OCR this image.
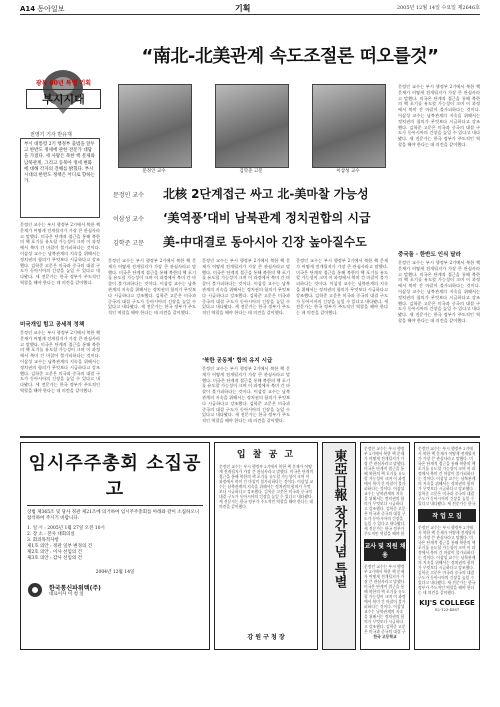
A14 동아일보	기획	2005년 12월 14일 수요일 제2646호
광복 60년 특별 기획
부시시대
전영기 기자 반유재
“南北-北美관계 속도조절론 떠오를것”
부시 대통령 2기 행정부 출범을 앞두고 한반도 정세에 관한 전문가 대담을 가졌다. 세 사람은 북한 핵 문제와 남북관계, 그리고 동북아 정세 변화에 대해 각자의 견해를 밝혔다. 부시 시대의 한반도 정책은 어디로 향하는가.
문정인 교수	김학준 고문	이삼성 교수
문정인 교수 北核 2단계접근 싸고 北-美마찰 가능성
이삼성 교수 ‘美역풍’대비 남북관계 정치권합의 시급
김학준 고문 美-中대결로 동아시아 긴장 높아질수도
문정인 교수는 부시 행정부 2기에서 북한 핵 문제가 어떻게 전개될지가 가장 큰 관심사라고 말했다. 미국은 단계적 접근을 통해 북한의 핵 포기를 유도할 가능성이 크며 이 과정에서 북미 간 마찰이 불가피하다는 것이다. 이삼성 교수는 남북관계의 지속을 위해서는 정치권의 합의가 무엇보다 시급하다고 강조했다. 김학준 고문은 미국과 중국의 대결 구도가 동아시아의 긴장을 높일 수 있다고 내다봤다. 세 전문가는 한국 정부가 주도적인 역할을 해야 한다는 데 의견을 같이했다.
문정인 교수는 부시 행정부 2기에서 북한 핵 문제가 어떻게 전개될지가 가장 큰 관심사라고 말했다. 미국은 단계적 접근을 통해 북한의 핵 포기를 유도할 가능성이 크며 이 과정에서 북미 간 마찰이 불가피하다는 것이다. 이삼성 교수는 남북관계의 지속을 위해서는 정치권의 합의가 무엇보다 시급하다고 강조했다. 김학준 고문은 미국과 중국의 대결 구도가 동아시아의 긴장을 높일 수 있다고 내다봤다. 세 전문가는 한국 정부가 주도적인 역할을 해야 한다는 데 의견을 같이했다.
미국개입 힘고 공세적 정책
문정인 교수는 부시 행정부 2기에서 북한 핵 문제가 어떻게 전개될지가 가장 큰 관심사라고 말했다. 미국은 단계적 접근을 통해 북한의 핵 포기를 유도할 가능성이 크며 이 과정에서 북미 간 마찰이 불가피하다는 것이다. 이삼성 교수는 남북관계의 지속을 위해서는 정치권의 합의가 무엇보다 시급하다고 강조했다. 김학준 고문은 미국과 중국의 대결 구도가 동아시아의 긴장을 높일 수 있다고 내다봤다. 세 전문가는 한국 정부가 주도적인 역할을 해야 한다는 데 의견을 같이했다.
문정인 교수는 부시 행정부 2기에서 북한 핵 문제가 어떻게 전개될지가 가장 큰 관심사라고 말했다. 미국은 단계적 접근을 통해 북한의 핵 포기를 유도할 가능성이 크며 이 과정에서 북미 간 마찰이 불가피하다는 것이다. 이삼성 교수는 남북관계의 지속을 위해서는 정치권의 합의가 무엇보다 시급하다고 강조했다. 김학준 고문은 미국과 중국의 대결 구도가 동아시아의 긴장을 높일 수 있다고 내다봤다. 세 전문가는 한국 정부가 주도적인 역할을 해야 한다는 데 의견을 같이했다.
문정인 교수는 부시 행정부 2기에서 북한 핵 문제가 어떻게 전개될지가 가장 큰 관심사라고 말했다. 미국은 단계적 접근을 통해 북한의 핵 포기를 유도할 가능성이 크며 이 과정에서 북미 간 마찰이 불가피하다는 것이다. 이삼성 교수는 남북관계의 지속을 위해서는 정치권의 합의가 무엇보다 시급하다고 강조했다. 김학준 고문은 미국과 중국의 대결 구도가 동아시아의 긴장을 높일 수 있다고 내다봤다. 세 전문가는 한국 정부가 주도적인 역할을 해야 한다는 데 의견을 같이했다.
‘북한 공동체’ 합의 유지 시급
문정인 교수는 부시 행정부 2기에서 북한 핵 문제가 어떻게 전개될지가 가장 큰 관심사라고 말했다. 미국은 단계적 접근을 통해 북한의 핵 포기를 유도할 가능성이 크며 이 과정에서 북미 간 마찰이 불가피하다는 것이다. 이삼성 교수는 남북관계의 지속을 위해서는 정치권의 합의가 무엇보다 시급하다고 강조했다. 김학준 고문은 미국과 중국의 대결 구도가 동아시아의 긴장을 높일 수 있다고 내다봤다. 세 전문가는 한국 정부가 주도적인 역할을 해야 한다는 데 의견을 같이했다.
문정인 교수는 부시 행정부 2기에서 북한 핵 문제가 어떻게 전개될지가 가장 큰 관심사라고 말했다. 미국은 단계적 접근을 통해 북한의 핵 포기를 유도할 가능성이 크며 이 과정에서 북미 간 마찰이 불가피하다는 것이다. 이삼성 교수는 남북관계의 지속을 위해서는 정치권의 합의가 무엇보다 시급하다고 강조했다. 김학준 고문은 미국과 중국의 대결 구도가 동아시아의 긴장을 높일 수 있다고 내다봤다. 세 전문가는 한국 정부가 주도적인 역할을 해야 한다는 데 의견을 같이했다.
중국돌 · 한반도 인식 달라
문정인 교수는 부시 행정부 2기에서 북한 핵 문제가 어떻게 전개될지가 가장 큰 관심사라고 말했다. 미국은 단계적 접근을 통해 북한의 핵 포기를 유도할 가능성이 크며 이 과정에서 북미 간 마찰이 불가피하다는 것이다. 이삼성 교수는 남북관계의 지속을 위해서는 정치권의 합의가 무엇보다 시급하다고 강조했다. 김학준 고문은 미국과 중국의 대결 구도가 동아시아의 긴장을 높일 수 있다고 내다봤다. 세 전문가는 한국 정부가 주도적인 역할을 해야 한다는 데 의견을 같이했다.
임시주주총회 소집공고
상법 제365조 및 당사 정관 제21조에 의거하여 임시주주총회를 아래와 같이 소집하오니 참석하여 주시기 바랍니다.
1. 일 시 : 2005년 1월 27일 오전 10시
2. 장 소 : 본사 대회의실
3. 회의목적사항
제1호 의안 : 정관 일부 변경의 건
제2호 의안 : 이사 선임의 건
제3호 의안 : 감사 선임의 건
2004년 12월 14일
한국통신파워텍(주)
대표이사 이 청 일
입 찰 공 고
문정인 교수는 부시 행정부 2기에서 북한 핵 문제가 어떻게 전개될지가 가장 큰 관심사라고 말했다. 미국은 단계적 접근을 통해 북한의 핵 포기를 유도할 가능성이 크며 이 과정에서 북미 간 마찰이 불가피하다는 것이다. 이삼성 교수는 남북관계의 지속을 위해서는 정치권의 합의가 무엇보다 시급하다고 강조했다. 김학준 고문은 미국과 중국의 대결 구도가 동아시아의 긴장을 높일 수 있다고 내다봤다. 세 전문가는 한국 정부가 주도적인 역할을 해야 한다는 데 의견을 같이했다.
강 원 구 청 장
東亞日報 창간기념 특별
문정인 교수는 부시 행정부 2기에서 북한 핵 문제가 어떻게 전개될지가 가장 큰 관심사라고 말했다. 미국은 단계적 접근을 통해 북한의 핵 포기를 유도할 가능성이 크며 이 과정에서 북미 간 마찰이 불가피하다는 것이다. 이삼성 교수는 남북관계의 지속을 위해서는 정치권의 합의가 무엇보다 시급하다고 강조했다. 김학준 고문은 미국과 중국의 대결 구도가 동아시아의 긴장을 높일 수 있다고 내다봤다. 세 전문가는 한국 정부가 주도적인 역할을 해야 한
교사 및 직원 채용
문정인 교수는 부시 행정부 2기에서 북한 핵 문제가 어떻게 전개될지가 가장 큰 관심사라고 말했다. 미국은 단계적 접근을 통해 북한의 핵 포기를 유도할 가능성이 크며 이 과정에서 북미 간 마찰이 불가피하다는 것이다. 이삼성 교수는 남북관계의 지속을 위해서는 정치권의 합의가 무엇보다 시급하다고 강조했다. 김학준 고문은 미국과 중국의 대결 구
한국 고등학교
문정인 교수는 부시 행정부 2기에서 북한 핵 문제가 어떻게 전개될지가 가장 큰 관심사라고 말했다. 미국은 단계적 접근을 통해 북한의 핵 포기를 유도할 가능성이 크며 이 과정에서 북미 간 마찰이 불가피하다는 것이다. 이삼성 교수는 남북관계의 지속을 위해서는 정치권의 합의가 무엇보다 시급하다고 강조했다. 김학준 고문은 미국과 중국의 대결 구도가 동아시아의 긴장을 높일 수 있다고 내다봤다. 세 전문가는 한국
작 업 모 집
문정인 교수는 부시 행정부 2기에서 북한 핵 문제가 어떻게 전개될지가 가장 큰 관심사라고 말했다. 미국은 단계적 접근을 통해 북한의 핵 포기를 유도할 가능성이 크며 이 과정에서 북미 간 마찰이 불가피하다는 것이다. 이삼성 교수는 남북관계의 지속을 위해서는 정치권의 합의가 무엇보다 시급하다고 강조했다. 김학준 고문은 미국과 중국의 대결 구도가 동아시아의 긴장을 높일 수 있다고 내다봤다. 세 전문가는 한국 정부가 주도적인 역할을 해야 한다는 데 의견을 같이했다.
KIJ'S COLLEGE
02-123-4567
